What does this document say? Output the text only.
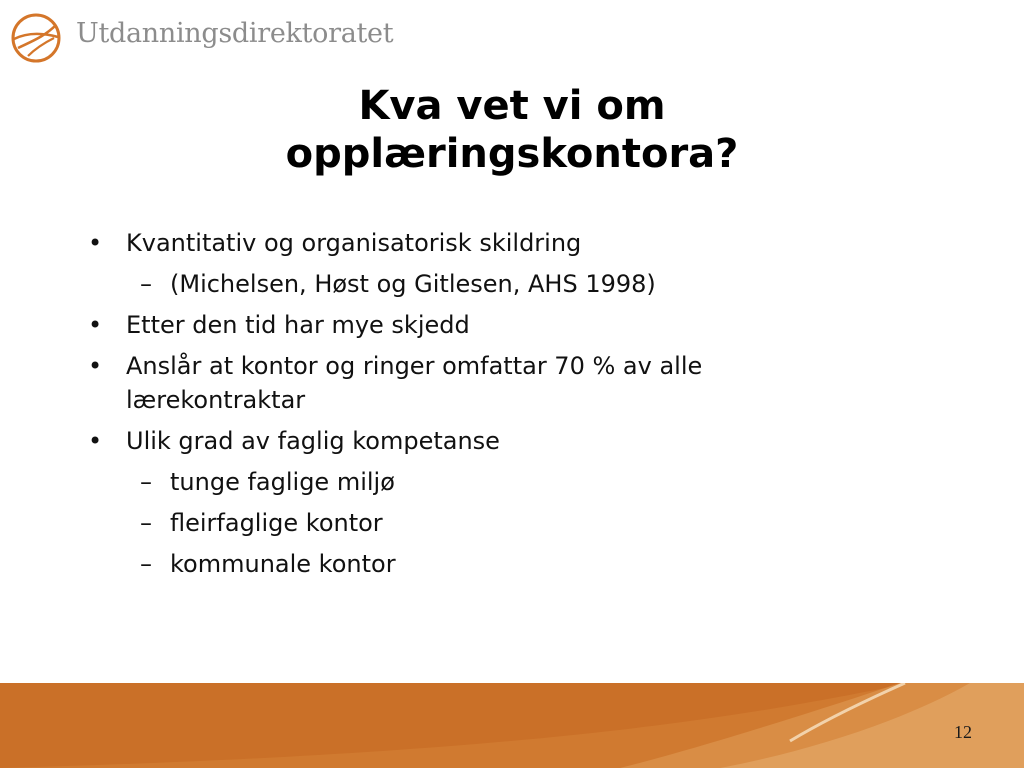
Utdanningsdirektoratet
Kva vet vi om
opplæringskontora?
• Kvantitativ og organisatorisk skildring
– (Michelsen, Høst og Gitlesen, AHS 1998)
• Etter den tid har mye skjedd
• Anslår at kontor og ringer omfattar 70 % av alle lærekontraktar
• Ulik grad av faglig kompetanse
– tunge faglige miljø
– fleirfaglige kontor
– kommunale kontor
12
